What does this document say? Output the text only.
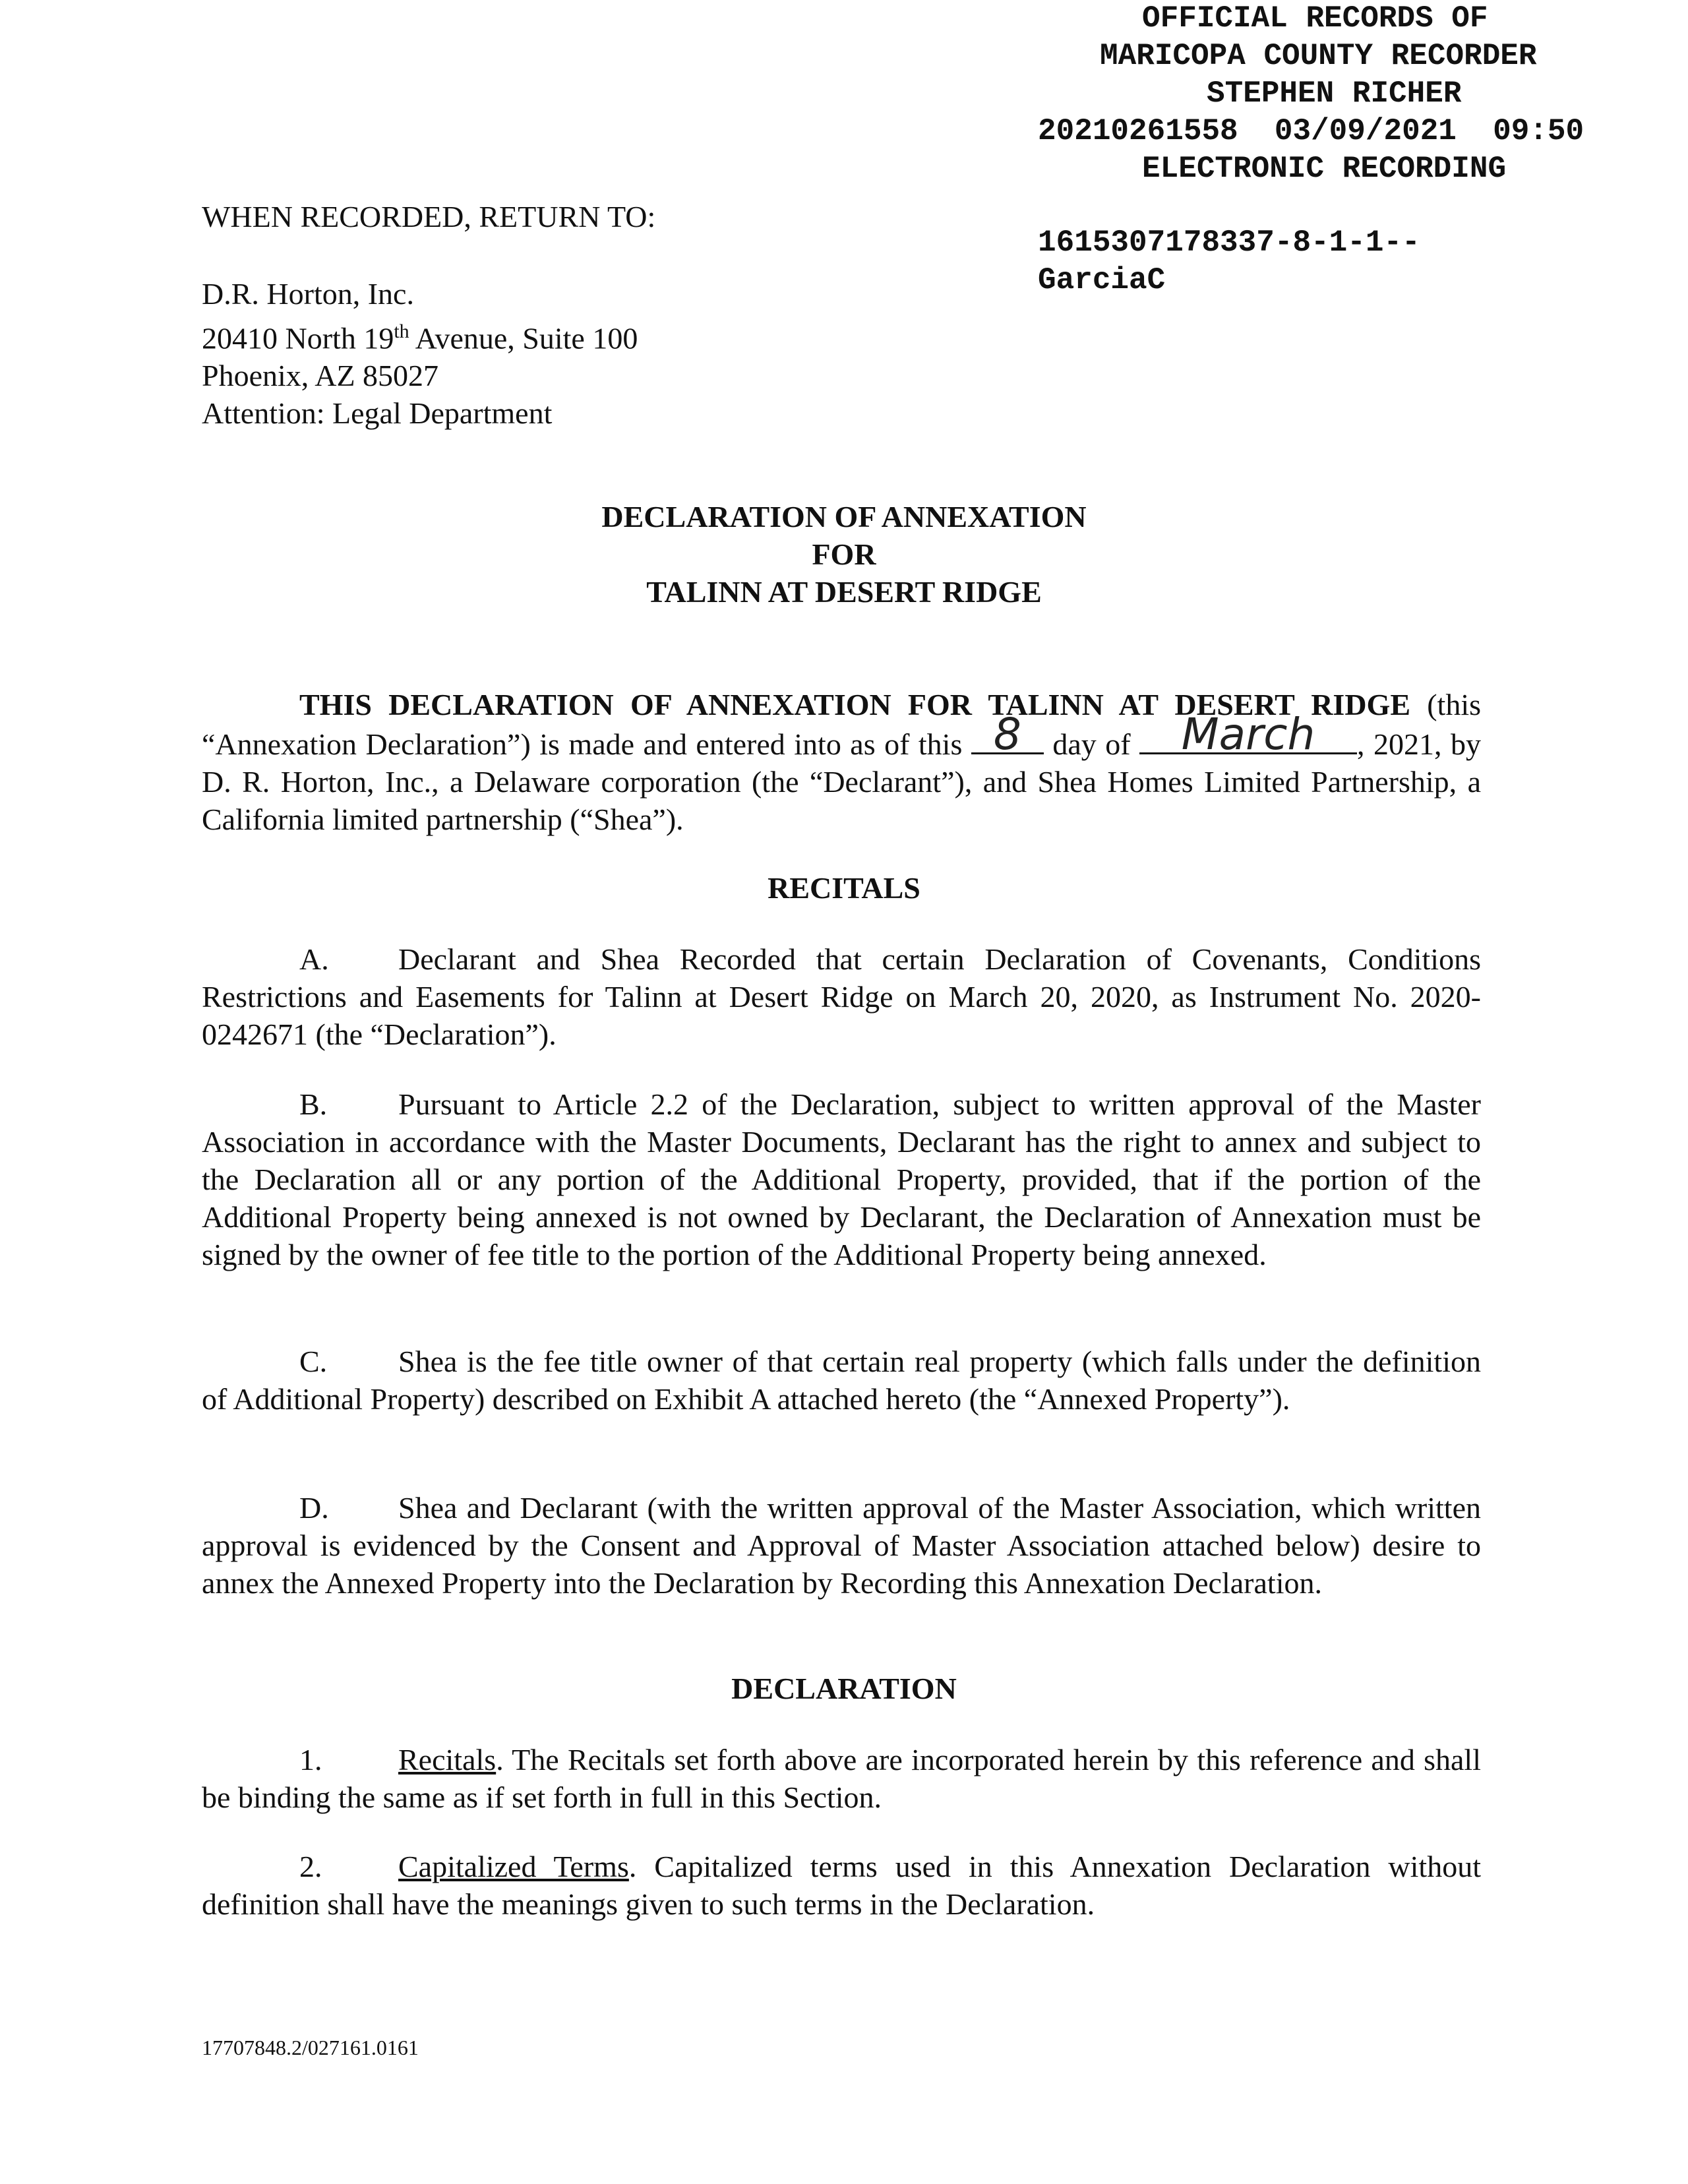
OFFICIAL RECORDS OF
MARICOPA COUNTY RECORDER
STEPHEN RICHER
20210261558  03/09/2021  09:50
ELECTRONIC RECORDING
1615307178337-8-1-1--
GarciaC
WHEN RECORDED, RETURN TO:
D.R. Horton, Inc.
20410 North 19th Avenue, Suite 100
Phoenix, AZ 85027
Attention: Legal Department
DECLARATION OF ANNEXATION
FOR
TALINN AT DESERT RIDGE
THIS DECLARATION OF ANNEXATION FOR TALINN AT DESERT RIDGE (this “Annexation Declaration”) is made and entered into as of this 8 day of March	, 2021, by D. R. Horton, Inc., a Delaware corporation (the “Declarant”), and Shea Homes Limited Partnership, a California limited partnership (“Shea”).
RECITALS
A. Declarant and Shea Recorded that certain Declaration of Covenants, Conditions Restrictions and Easements for Talinn at Desert Ridge on March 20, 2020, as Instrument No. 2020-0242671 (the “Declaration”).
B. Pursuant to Article 2.2 of the Declaration, subject to written approval of the Master Association in accordance with the Master Documents, Declarant has the right to annex and subject to the Declaration all or any portion of the Additional Property, provided, that if the portion of the Additional Property being annexed is not owned by Declarant, the Declaration of Annexation must be signed by the owner of fee title to the portion of the Additional Property being annexed.
C. Shea is the fee title owner of that certain real property (which falls under the definition of Additional Property) described on Exhibit A attached hereto (the “Annexed Property”).
D. Shea and Declarant (with the written approval of the Master Association, which written approval is evidenced by the Consent and Approval of Master Association attached below) desire to annex the Annexed Property into the Declaration by Recording this Annexation Declaration.
DECLARATION
1.	Recitals. The Recitals set forth above are incorporated herein by this reference and shall be binding the same as if set forth in full in this Section.
2.	Capitalized Terms. Capitalized terms used in this Annexation Declaration without definition shall have the meanings given to such terms in the Declaration.
17707848.2/027161.0161
